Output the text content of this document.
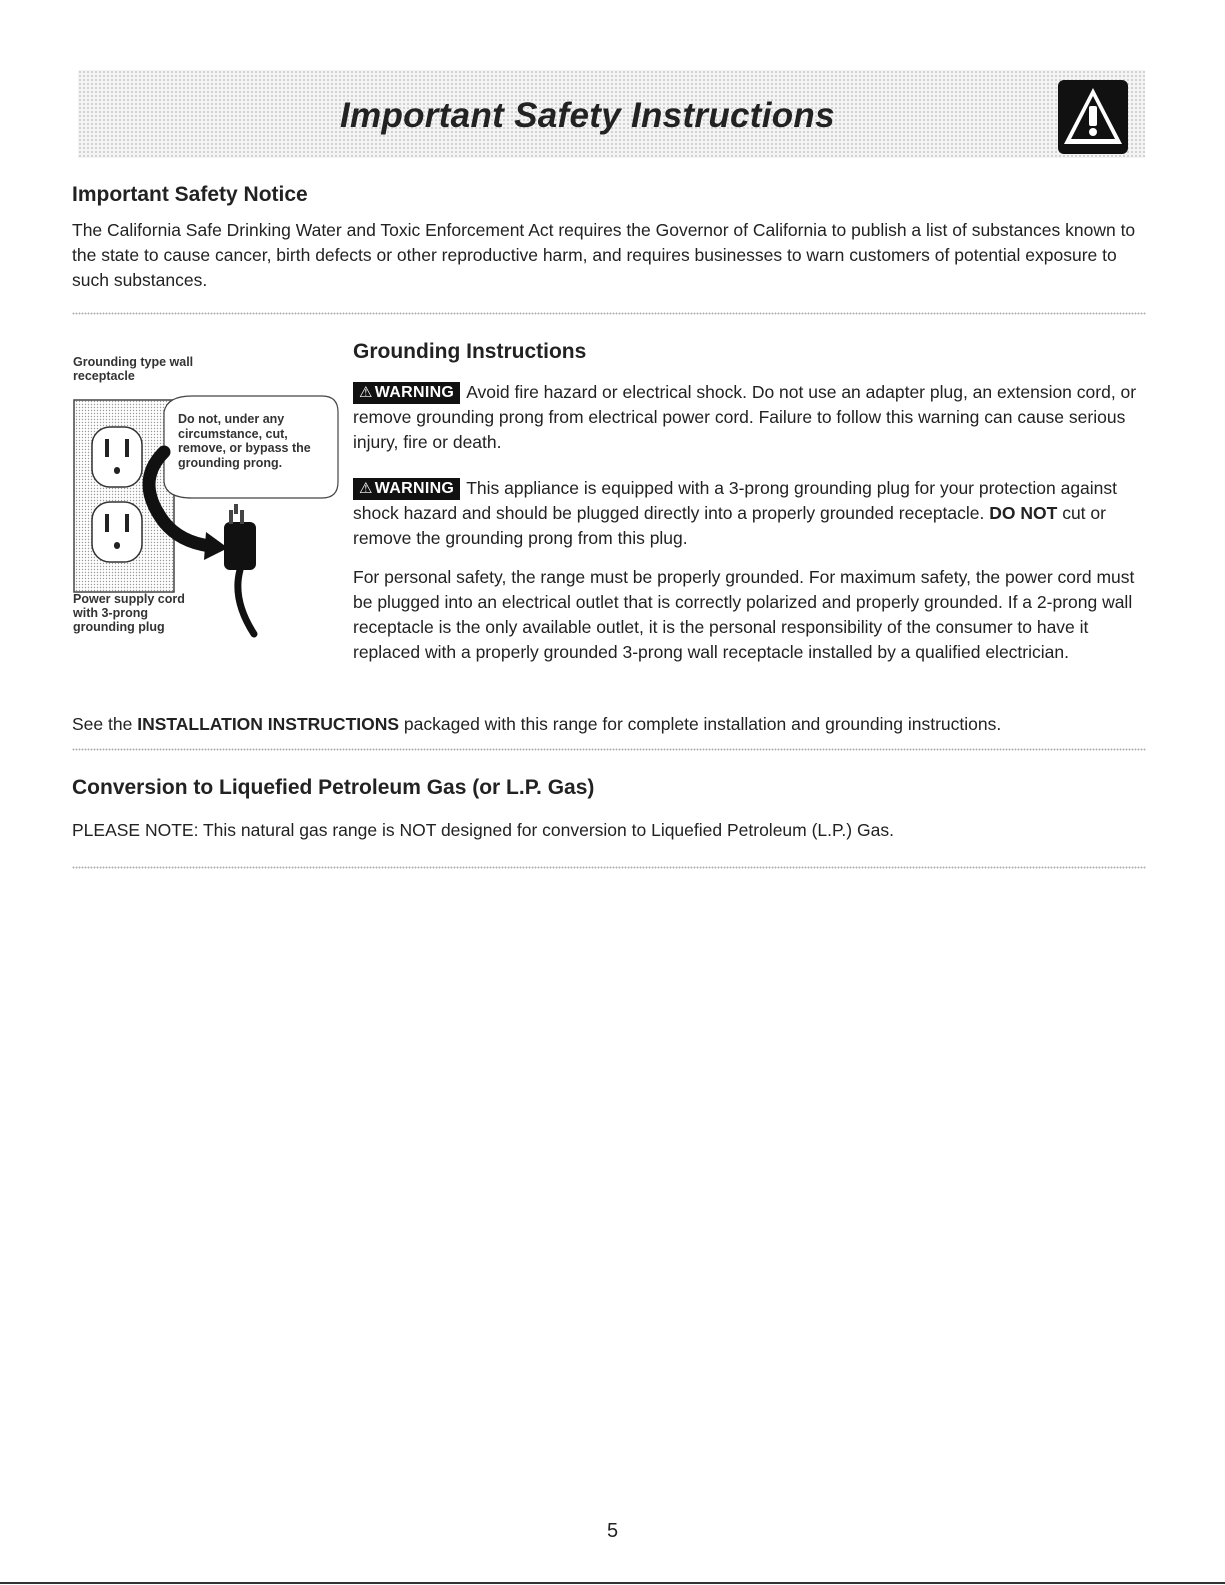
Important Safety Instructions
Important Safety Notice

The California Safe Drinking Water and Toxic Enforcement Act requires the Governor of California to publish a list of substances known to the state to cause cancer, birth defects or other reproductive harm, and requires businesses to warn customers of potential exposure to such substances.

Grounding type wall receptacle

Do not, under any circumstance, cut, remove, or bypass the grounding prong.

Power supply cord with 3-prong grounding plug

Grounding Instructions

⚠ WARNING Avoid fire hazard or electrical shock. Do not use an adapter plug, an extension cord, or remove grounding prong from electrical power cord. Failure to follow this warning can cause serious injury, fire or death.

⚠ WARNING This appliance is equipped with a 3-prong grounding plug for your protection against shock hazard and should be plugged directly into a properly grounded receptacle. DO NOT cut or remove the grounding prong from this plug.

For personal safety, the range must be properly grounded. For maximum safety, the power cord must be plugged into an electrical outlet that is correctly polarized and properly grounded. If a 2-prong wall receptacle is the only available outlet, it is the personal responsibility of the consumer to have it replaced with a properly grounded 3-prong wall receptacle installed by a qualified electrician.

See the INSTALLATION INSTRUCTIONS packaged with this range for complete installation and grounding instructions.

Conversion to Liquefied Petroleum Gas (or L.P. Gas)

PLEASE NOTE: This natural gas range is NOT designed for conversion to Liquefied Petroleum (L.P.) Gas.

5
